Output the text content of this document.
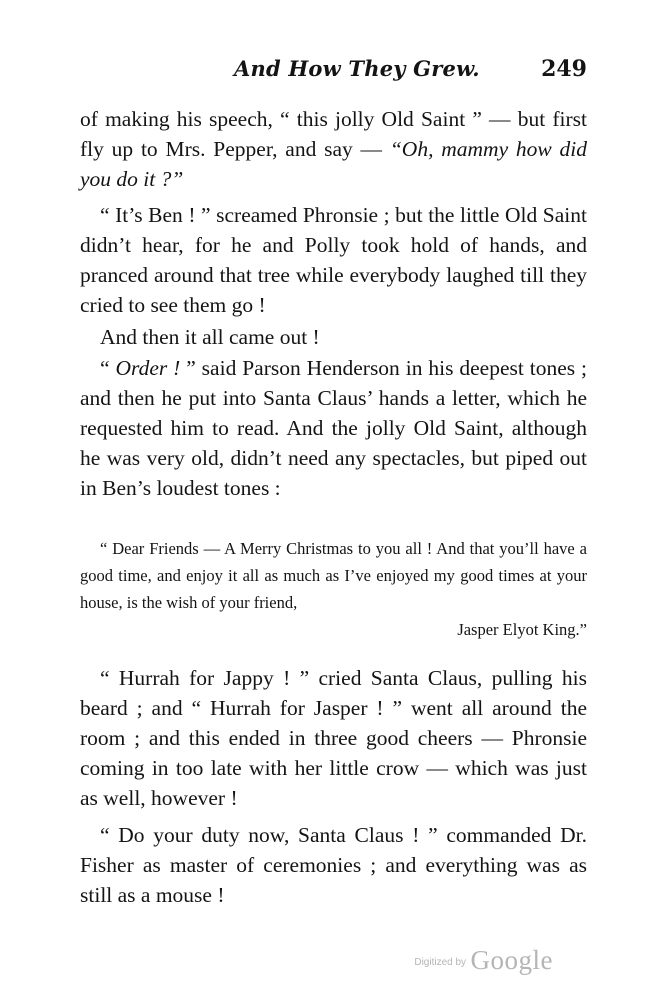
And How They Grew.	249

of making his speech, “ this jolly Old Saint ” — but first fly up to Mrs. Pepper, and say — “Oh, mammy how did you do it ?”

“ It’s Ben ! ” screamed Phronsie ; but the little Old Saint didn’t hear, for he and Polly took hold of hands, and pranced around that tree while everybody laughed till they cried to see them go !

And then it all came out !

“ Order ! ” said Parson Henderson in his deepest tones ; and then he put into Santa Claus’ hands a letter, which he requested him to read. And the jolly Old Saint, although he was very old, didn’t need any spectacles, but piped out in Ben’s loudest tones :

“ Dear Friends — A Merry Christmas to you all ! And that you’ll have a good time, and enjoy it all as much as I’ve enjoyed my good times at your house, is the wish of your friend,

Jasper Elyot King.”

“ Hurrah for Jappy ! ” cried Santa Claus, pulling his beard ; and “ Hurrah for Jasper ! ” went all around the room ; and this ended in three good cheers — Phronsie coming in too late with her little crow — which was just as well, however !

“ Do your duty now, Santa Claus ! ” commanded Dr. Fisher as master of ceremonies ; and everything was as still as a mouse !

$^{Digitized by}$ Google
